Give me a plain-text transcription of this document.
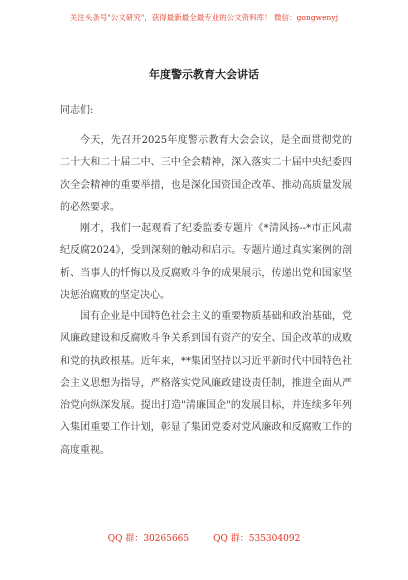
关注头条号"公文研究"，获得最新最全最专业的公文资料库！ 微信：gongwenyj
年度警示教育大会讲话
同志们:

今天，先召开2025年度警示教育大会会议，是全面贯彻党的二十大和二十届二中、三中全会精神，深入落实二十届中央纪委四次全会精神的重要举措，也是深化国资国企改革、推动高质量发展的必然要求。

刚才，我们一起观看了纪委监委专题片《*清风扬--*市正风肃纪反腐2024》，受到深刻的触动和启示。专题片通过真实案例的剖析、当事人的忏悔以及反腐败斗争的成果展示，传递出党和国家坚决惩治腐败的坚定决心。

国有企业是中国特色社会主义的重要物质基础和政治基础，党风廉政建设和反腐败斗争关系到国有资产的安全、国企改革的成败和党的执政根基。近年来，**集团坚持以习近平新时代中国特色社会主义思想为指导，严格落实党风廉政建设责任制，推进全面从严治党向纵深发展。提出打造"清廉国企"的发展目标，并连续多年列入集团重要工作计划，彰显了集团党委对党风廉政和反腐败工作的高度重视。

QQ 群：30265665	QQ 群：535304092
